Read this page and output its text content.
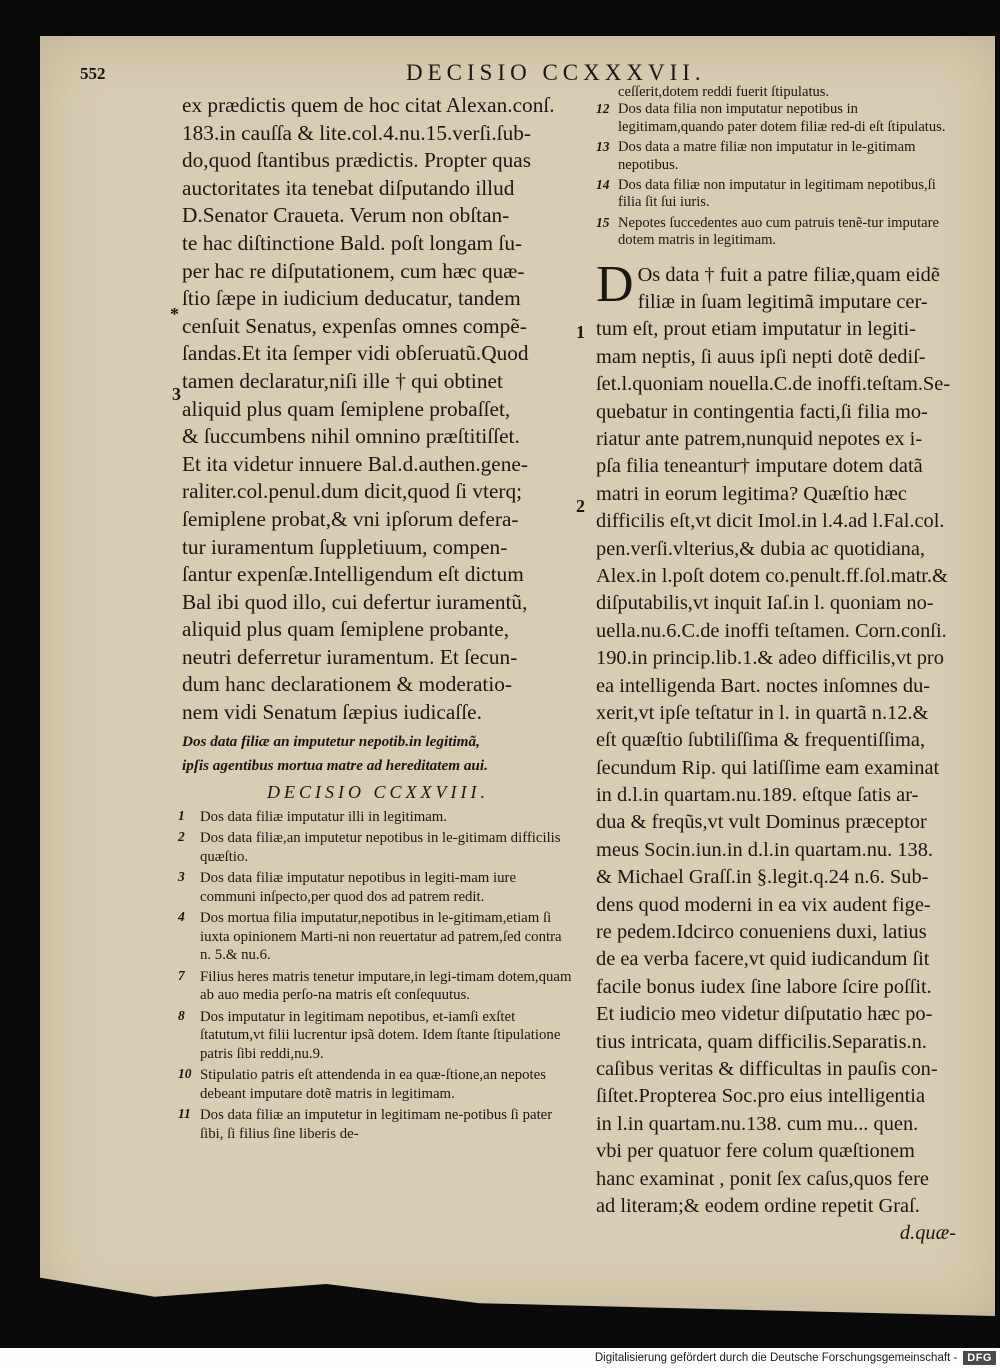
552	DECISIO CCXXXVII.
*
3
1
2
ex prædictis quem de hoc citat Alexan.conſ.
183.in cauſſa & lite.col.4.nu.15.verſi.ſub-
do,quod ſtantibus prædictis. Propter quas
auctoritates ita tenebat diſputando illud
D.Senator Craueta. Verum non obſtan-
te hac diſtinctione Bald. poſt longam ſu-
per hac re diſputationem, cum hæc quæ-
ſtio ſæpe in iudicium deducatur, tandem
cenſuit Senatus, expenſas omnes compẽ-
ſandas.Et ita ſemper vidi obſeruatũ.Quod
tamen declaratur,niſi ille † qui obtinet
aliquid plus quam ſemiplene probaſſet,
& ſuccumbens nihil omnino præſtitiſſet.
Et ita videtur innuere Bal.d.authen.gene-
raliter.col.penul.dum dicit,quod ſi vterq;
ſemiplene probat,& vni ipſorum deferа-
tur iuramentum ſuppletiuum, compen-
ſantur expenſæ.Intelligendum eſt dictum
Bal ibi quod illo, cui defertur iuramentũ,
aliquid plus quam ſemiplene probante,
neutri deferretur iuramentum. Et ſecun-
dum hanc declarationem & moderatio-
nem vidi Senatum ſæpius iudicaſſe.
Dos data filiæ an imputetur nepotib.in legitimã,
ipſis agentibus mortua matre ad hereditatem aui.
DECISIO CCXXVIII.
1	Dos data filiæ imputatur illi in legitimam.
2	Dos data filiæ,an imputetur nepotibus in le-gitimam difficilis quæſtio.
3	Dos data filiæ imputatur nepotibus in legiti-mam iure communi inſpecto,per quod dos ad patrem redit.
4	Dos mortua filia imputatur,nepotibus in le-gitimam,etiam ſi iuxta opinionem Marti-ni non reuertatur ad patrem,ſed contra n. 5.& nu.6.
7	Filius heres matris tenetur imputare,in legi-timam dotem,quam ab auo media perſo-na matris eſt conſequutus.
8	Dos imputatur in legitimam nepotibus, et-iamſi exſtet ſtatutum,vt filii lucrentur ipsã dotem. Idem ſtante ſtipulatione patris ſibi reddi,nu.9.
10 Stipulatio patris eſt attendenda in ea quæ-ſtione,an nepotes debeant imputare dotẽ matris in legitimam.
11 Dos data filiæ an imputetur in legitimam ne-potibus ſi pater ſibi, ſi filius ſine liberis de-
ceſſerit,dotem reddi fuerit ſtipulatus.
12 Dos data filia non imputatur nepotibus in legitimam,quando pater dotem filiæ red-di eſt ſtipulatus.
13 Dos data a matre filiæ non imputatur in le-gitimam nepotibus.
14 Dos data filiæ non imputatur in legitimam nepotibus,ſi filia ſit ſui iuris.
15 Nepotes ſuccedentes auo cum patruis tenẽ-tur imputare dotem matris in legitimam.
D Os data † fuit a patre filiæ,quam eidẽ
filiæ in ſuam legitimã imputare cer-
tum eſt, prout etiam imputatur in legiti-
mam neptis, ſi auus ipſi nepti dotẽ dediſ-
ſet.l.quoniam nouella.C.de inoffi.teſtam.Se-
quebatur in contingentia facti,ſi filia mo-
riatur ante patrem,nunquid nepotes ex i-
pſa filia teneantur† imputare dotem datã
matri in eorum legitima? Quæſtio hæc
difficilis eſt,vt dicit Imol.in l.4.ad l.Fal.col.
pen.verſi.vlterius,& dubia ac quotidiana,
Alex.in l.poſt dotem co.penult.ff.ſol.matr.&
diſputabilis,vt inquit Iaſ.in l. quoniam no-
uella.nu.6.C.de inoffi teſtamen. Corn.conſi.
190.in princip.lib.1.& adeo difficilis,vt pro
ea intelligenda Bart. noctes inſomnes du-
xerit,vt ipſe teſtatur in l. in quartã n.12.&
eſt quæſtio ſubtiliſſima & frequentiſſima,
ſecundum Rip. qui latiſſime eam examinat
in d.l.in quartam.nu.189. eſtque ſatis ar-
dua & freqũs,vt vult Dominus præceptor
meus Socin.iun.in d.l.in quartam.nu. 138.
& Michael Graſſ.in §.legit.q.24 n.6. Sub-
dens quod moderni in ea vix audent fige-
re pedem.Idcirco conueniens duxi, latius
de ea verba facere,vt quid iudicandum ſit
facile bonus iudex ſine labore ſcire poſſit.
Et iudicio meo videtur diſputatio hæc po-
tius intricata, quam difficilis.Separatis.n.
caſibus veritas & difficultas in pauſis con-
ſiſtet.Propterea Soc.pro eius intelligentia
in l.in quartam.nu.138. cum mu... quen.
vbi per quatuor fere colum quæſtionem
hanc examinat , ponit ſex caſus,quos fere
ad literam;& eodem ordine repetit Graſ.
d.quæ-
Digitalisierung gefördert durch die Deutsche Forschungsgemeinschaft - DFG
